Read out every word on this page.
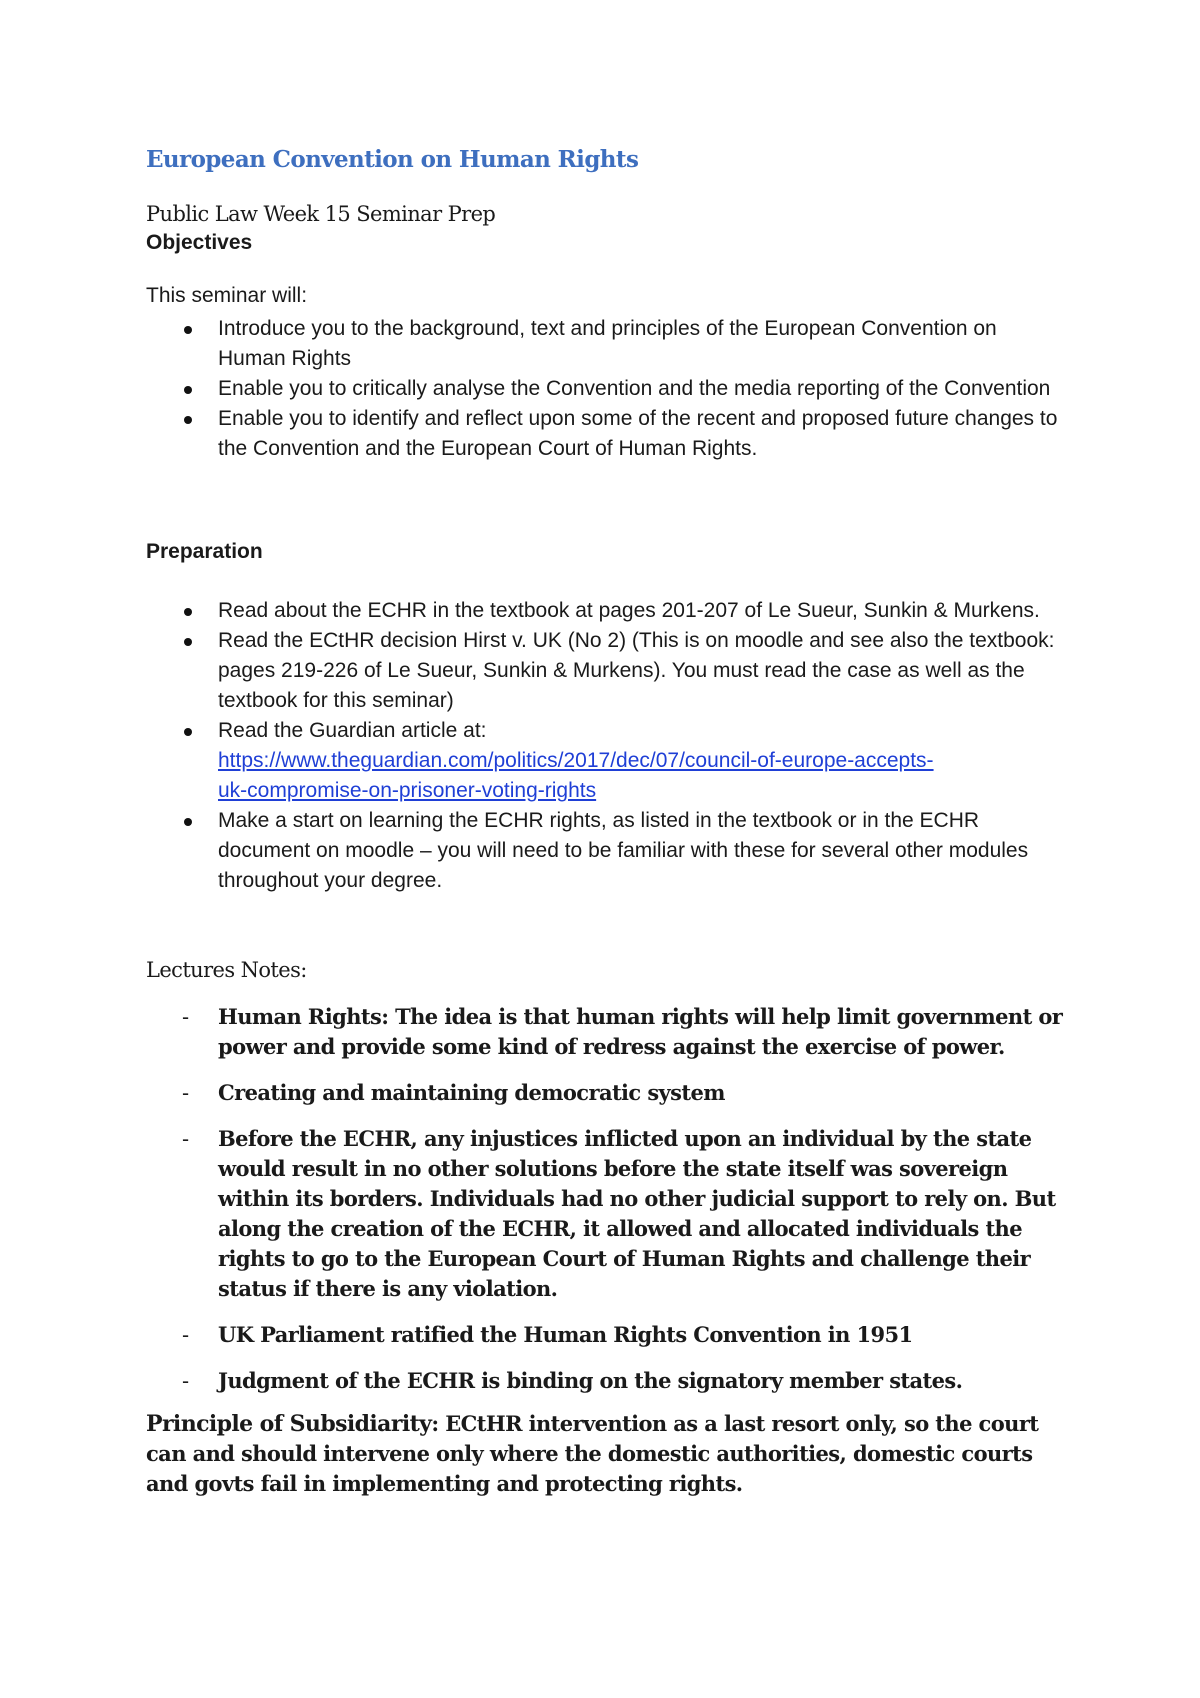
European Convention on Human Rights
Public Law Week 15 Seminar Prep
Objectives
This seminar will:
Introduce you to the background, text and principles of the European Convention on Human Rights
Enable you to critically analyse the Convention and the media reporting of the Convention
Enable you to identify and reflect upon some of the recent and proposed future changes to the Convention and the European Court of Human Rights.
Preparation
Read about the ECHR in the textbook at pages 201-207 of Le Sueur, Sunkin & Murkens.
Read the ECtHR decision Hirst v. UK (No 2) (This is on moodle and see also the textbook: pages 219-226 of Le Sueur, Sunkin & Murkens). You must read the case as well as the textbook for this seminar)
Read the Guardian article at:
https://www.theguardian.com/politics/2017/dec/07/council-of-europe-accepts-
uk-compromise-on-prisoner-voting-rights
Make a start on learning the ECHR rights, as listed in the textbook or in the ECHR document on moodle – you will need to be familiar with these for several other modules throughout your degree.
Lectures Notes:
- Human Rights: The idea is that human rights will help limit government or power and provide some kind of redress against the exercise of power.
- Creating and maintaining democratic system
- Before the ECHR, any injustices inflicted upon an individual by the state would result in no other solutions before the state itself was sovereign within its borders. Individuals had no other judicial support to rely on. But along the creation of the ECHR, it allowed and allocated individuals the rights to go to the European Court of Human Rights and challenge their status if there is any violation.
- UK Parliament ratified the Human Rights Convention in 1951
- Judgment of the ECHR is binding on the signatory member states.
Principle of Subsidiarity: ECtHR intervention as a last resort only, so the court can and should intervene only where the domestic authorities, domestic courts and govts fail in implementing and protecting rights.
